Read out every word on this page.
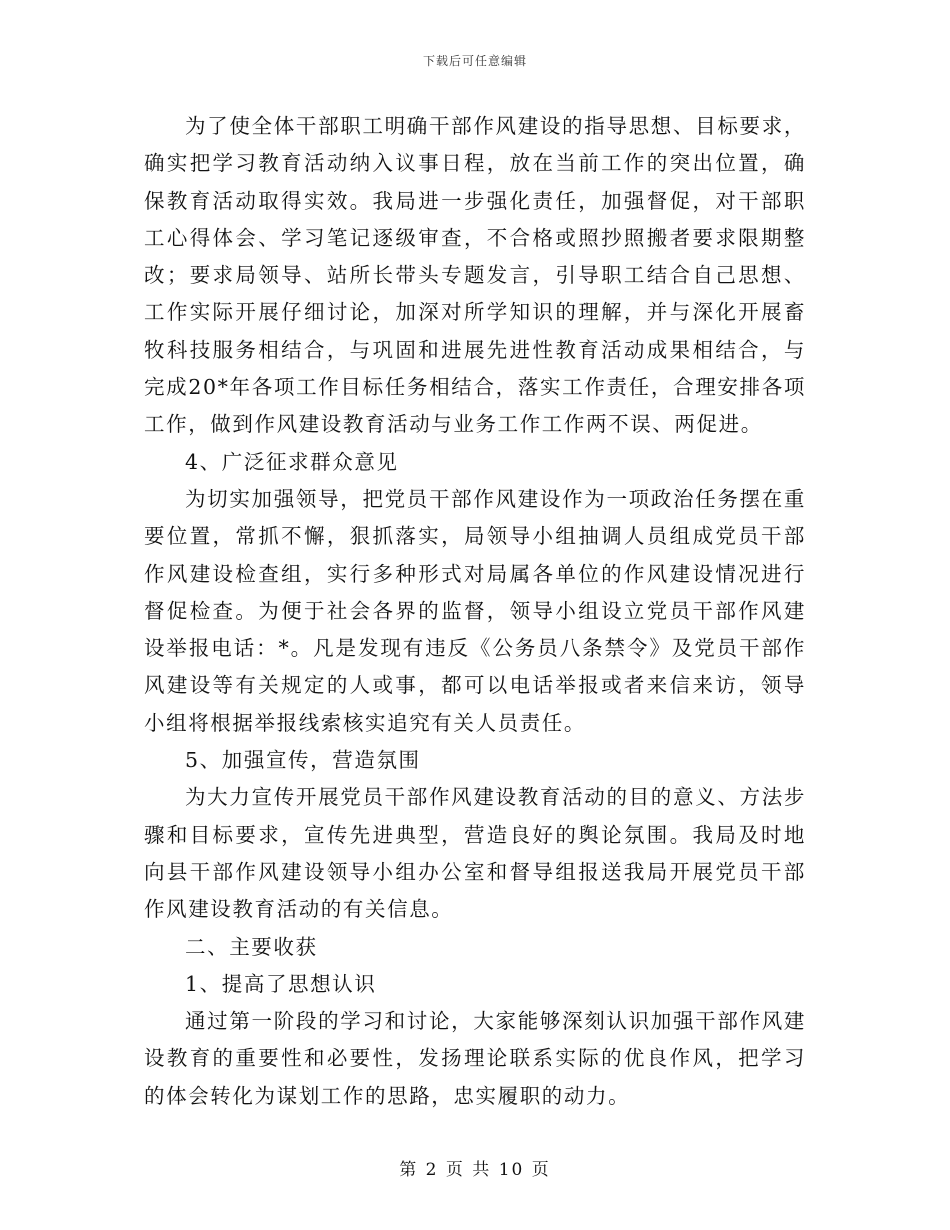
下载后可任意编辑

为了使全体干部职工明确干部作风建设的指导思想、目标要求，确实把学习教育活动纳入议事日程，放在当前工作的突出位置，确保教育活动取得实效。我局进一步强化责任，加强督促，对干部职工心得体会、学习笔记逐级审查，不合格或照抄照搬者要求限期整改；要求局领导、站所长带头专题发言，引导职工结合自己思想、工作实际开展仔细讨论，加深对所学知识的理解，并与深化开展畜牧科技服务相结合，与巩固和进展先进性教育活动成果相结合，与完成20*年各项工作目标任务相结合，落实工作责任，合理安排各项工作，做到作风建设教育活动与业务工作工作两不误、两促进。

4、广泛征求群众意见

为切实加强领导，把党员干部作风建设作为一项政治任务摆在重要位置，常抓不懈，狠抓落实，局领导小组抽调人员组成党员干部作风建设检查组，实行多种形式对局属各单位的作风建设情况进行督促检查。为便于社会各界的监督，领导小组设立党员干部作风建设举报电话：*。凡是发现有违反《公务员八条禁令》及党员干部作风建设等有关规定的人或事，都可以电话举报或者来信来访，领导小组将根据举报线索核实追究有关人员责任。

5、加强宣传，营造氛围

为大力宣传开展党员干部作风建设教育活动的目的意义、方法步骤和目标要求，宣传先进典型，营造良好的舆论氛围。我局及时地向县干部作风建设领导小组办公室和督导组报送我局开展党员干部作风建设教育活动的有关信息。

二、主要收获

1、提高了思想认识

通过第一阶段的学习和讨论，大家能够深刻认识加强干部作风建设教育的重要性和必要性，发扬理论联系实际的优良作风，把学习的体会转化为谋划工作的思路，忠实履职的动力。

第 2 页 共 10 页
